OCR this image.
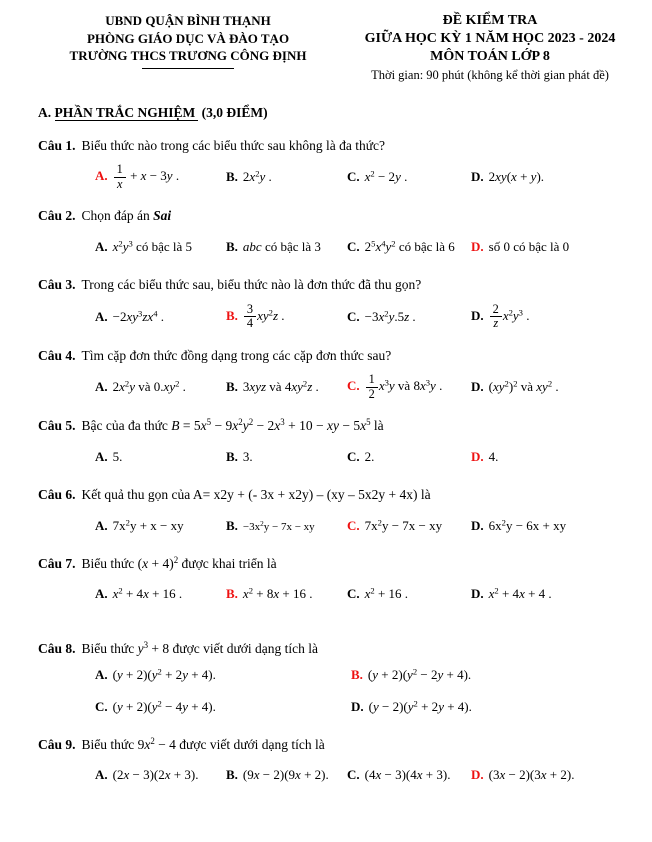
UBND QUẬN BÌNH THẠNH
PHÒNG GIÁO DỤC VÀ ĐÀO TẠO
TRƯỜNG THCS TRƯƠNG CÔNG ĐỊNH
ĐỀ KIỂM TRA
GIỮA HỌC KỲ 1 NĂM HỌC 2023 - 2024
MÔN TOÁN LỚP 8
Thời gian: 90 phút (không kể thời gian phát đề)
A. PHẦN TRẮC NGHIỆM (3,0 ĐIỂM)
Câu 1. Biểu thức nào trong các biểu thức sau không là đa thức?
A. $\frac{1}{x} + x - 3y$ .	B. $2x^2y$ .	C. $x^2 - 2y$ .	D. 2xy(x + y).
Câu 2. Chọn đáp án Sai
A. $x^2y^3$ có bậc là 5	B. abc có bậc là 3	C. $2^5x^4y^2$ có bậc là 6	D. số 0 có bậc là 0
Câu 3. Trong các biểu thức sau, biểu thức nào là đơn thức đã thu gọn?
A. $-2xy^3zx^4$ .	B. $\frac{3}{4} xy^2z$ .	C. $-3x^2y.5z$ .	D. $\frac{2}{z} x^2y^3$ .
Câu 4. Tìm cặp đơn thức đồng dạng trong các cặp đơn thức sau?
A. $2x^2y$ và $0.xy^2$ .	B. 3xyz và $4xy^2z$ .	C. $\frac{1}{2} x^3y$ và $8x^3y$ .	D. $(xy^2)^2$ và $xy^2$ .
Câu 5. Bậc của đa thức $B = 5x^5 - 9x^2y^2 - 2x^3 + 10$ − xy − $5x^5$ là
A. 5.	B. 3.	C. 2.	D. 4.
Câu 6. Kết quả thu gọn của A= x2y + (- 3x + x2y) – (xy – 5x2y + 4x) là
A. $7x^2y + x$ − xy	B. $-3x^2y - 7x$ − xy	C. $7x^2y - 7x$ − xy	D. $6x^2y - 6x$ + xy
Câu 7. Biểu thức $(x + 4)^2$ được khai triển là
A. $x^2 + 4x + 16$ .	B. $x^2 + 8x + 16$ .	C. $x^2 + 16$ .	D. $x^2 + 4x + 4$ .
Câu 8. Biểu thức $y^3 + 8$ được viết dưới dạng tích là
A. $(y + 2)(y^2 + 2y + 4)$.	B. $(y + 2)(y^2 - 2y + 4)$.
C. $(y + 2)(y^2 - 4y + 4)$.	D. $(y - 2)(y^2 + 2y + 4)$.
Câu 9. Biểu thức $9x^2 - 4$ được viết dưới dạng tích là
A. (2x − 3)(2x + 3).	B. (9x − 2)(9x + 2).	C. (4x − 3)(4x + 3).	D. (3x − 2)(3x + 2).
